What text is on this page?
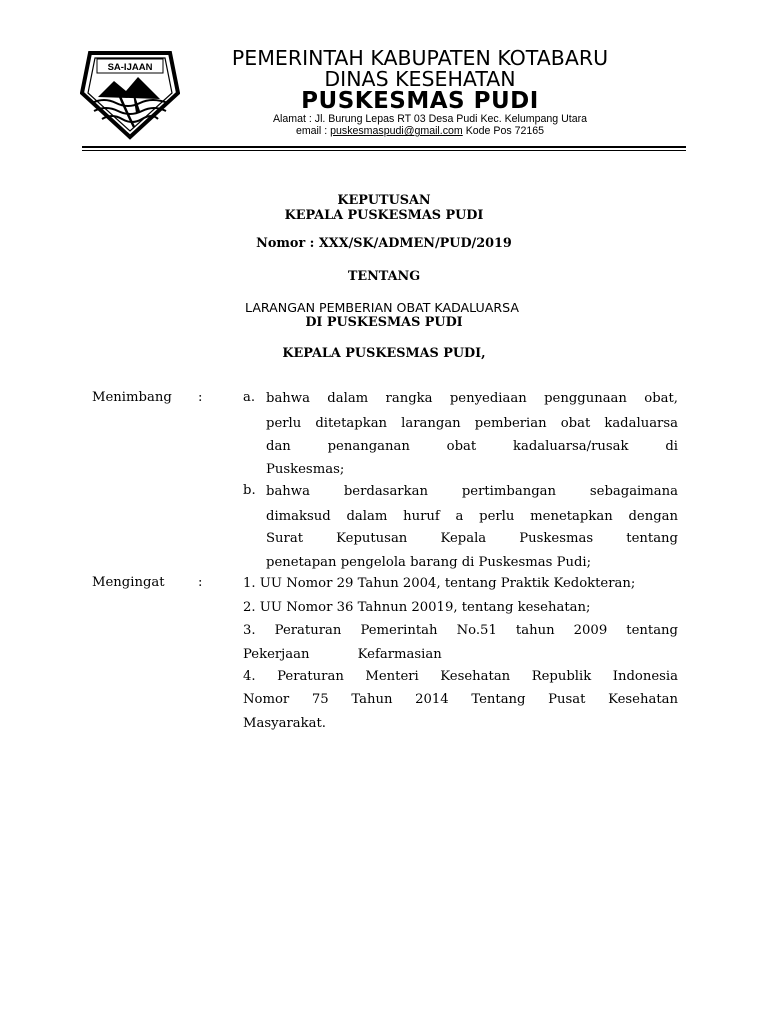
SA-IJAAN	PEMERINTAH KABUPATEN KOTABARU
DINAS KESEHATAN
PUSKESMAS PUDI
Alamat : Jl. Burung Lepas RT 03 Desa Pudi Kec. Kelumpang Utara
email : puskesmaspudi@gmail.com Kode Pos 72165
KEPUTUSAN
KEPALA PUSKESMAS PUDI
Nomor : XXX/SK/ADMEN/PUD/2019
TENTANG
LARANGAN PEMBERIAN OBAT KADALUARSA
DI PUSKESMAS PUDI
KEPALA PUSKESMAS PUDI,
Menimbang :	a. bahwa dalam rangka penyediaan penggunaan obat,
perlu ditetapkan larangan pemberian obat kadaluarsa
dan penanganan obat kadaluarsa/rusak di
Puskesmas;
b. bahwa berdasarkan pertimbangan sebagaimana
dimaksud dalam huruf a perlu menetapkan dengan
Surat Keputusan Kepala Puskesmas tentang
penetapan pengelola barang di Puskesmas Pudi;
Mengingat	:	1. UU Nomor 29 Tahun 2004, tentang Praktik Kedokteran;
2. UU Nomor 36 Tahnun 20019, tentang kesehatan;
3. Peraturan Pemerintah No.51 tahun 2009 tentang
Pekerjaan Kefarmasian
4. Peraturan Menteri Kesehatan Republik Indonesia
Nomor 75 Tahun 2014 Tentang Pusat Kesehatan
Masyarakat.
